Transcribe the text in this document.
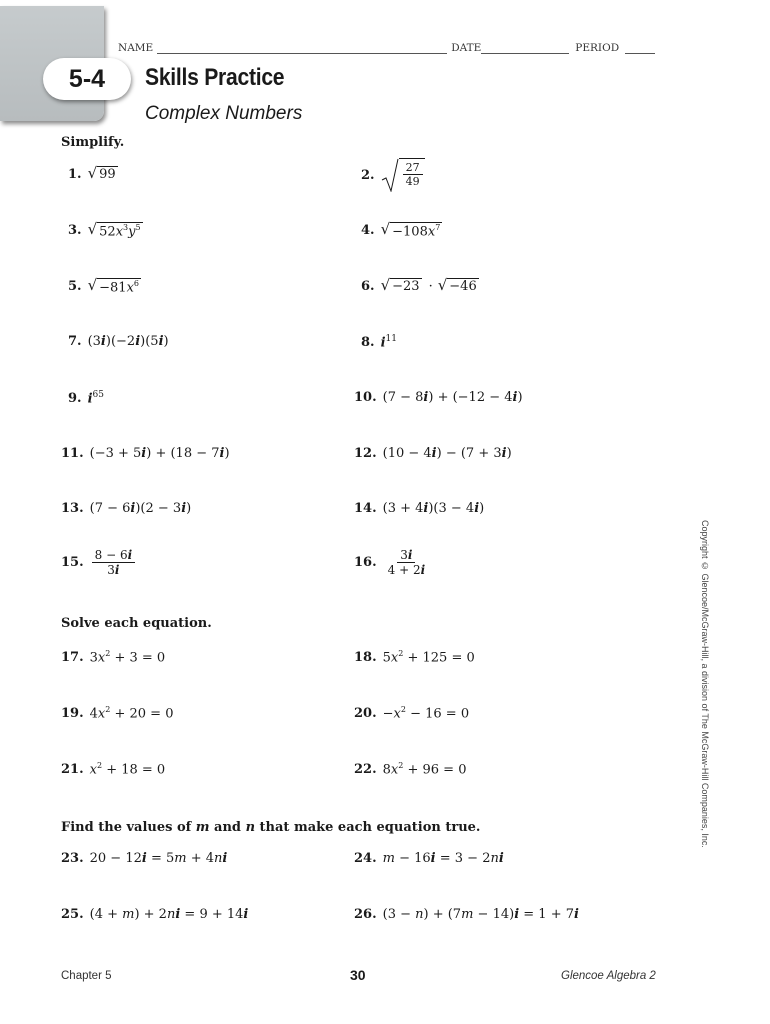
5-4
NAME	DATE	PERIOD
Skills Practice
Complex Numbers
Simplify.
1. √ 99	2.	$\frac{27}{49}$
3. √ $52x^3y^5$	4. √ $-108x^7$
5. √ $-81x^6$	6. √ −23 · √ −46
7. (3i)(−2i)(5i)	8. $i^{11}$
9. $i^{65}$	10. (7 − 8i) + (−12 − 4i)
11. (−3 + 5i) + (18 − 7i)	12. (10 − 4i) − (7 + 3i)
13. (7 − 6i)(2 − 3i)	14. (3 + 4i)(3 − 4i)
15. $\frac{8 - 6i}{3i}$	16. $\frac{3i}{4 + 2i}$
Solve each equation.
17. $3x^2 + 3 = 0$	18. $5x^2 + 125 = 0$
19. $4x^2 + 20 = 0$	20. $-x^2 - 16 = 0$
21. $x^2 + 18 = 0$	22. $8x^2 + 96 = 0$
Find the values of m and n that make each equation true.
23. 20 − 12i = 5m + 4ni	24. m − 16i = 3 − 2ni
25. (4 + m) + 2ni = 9 + 14i	26. (3 − n) + (7m − 14)i = 1 + 7i
Copyright © Glencoe/McGraw-Hill, a division of The McGraw-Hill Companies, Inc.
Chapter 5	30	Glencoe Algebra 2
